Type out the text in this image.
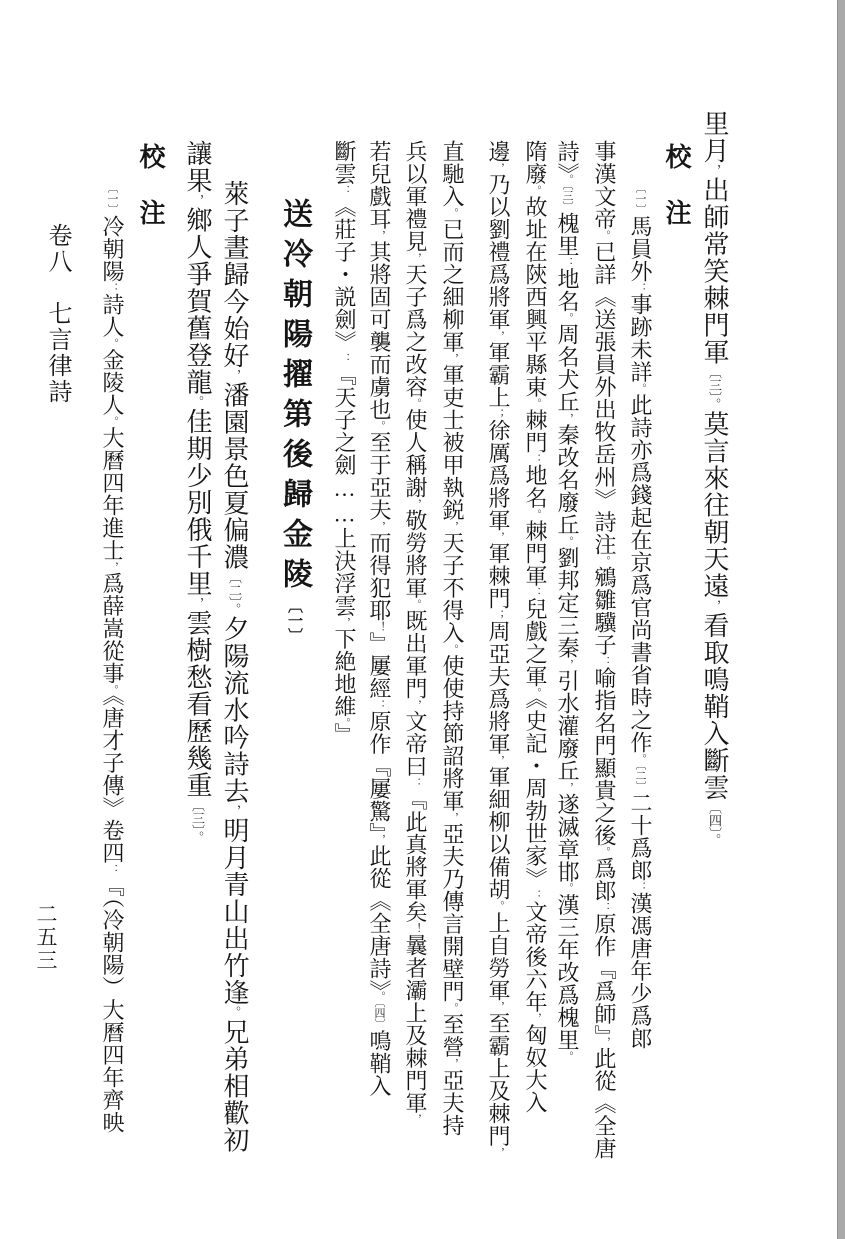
里月，出師常笑棘門軍〔三〕。莫言來往朝天遠，看取鳴鞘入斷雲〔四〕。
校　注
〔一〕馬員外：事跡未詳。此詩亦爲錢起在京爲官尚書省時之作。〔二〕二十爲郎：漢馮唐年少爲郎
事漢文帝。已詳《送張員外出牧岳州》詩注。鵷雛驥子：喻指名門顯貴之後。爲郎：原作『爲師』，此從《全唐
詩》。〔三〕槐里：地名。周名犬丘，秦改名廢丘。劉邦定三秦，引水灌廢丘，遂滅章邯。漢三年改爲槐里。
隋廢。故址在陝西興平縣東。棘門：地名。棘門軍：兒戲之軍。《史記・周勃世家》：文帝後六年，匈奴大入
邊，乃以劉禮爲將軍，軍霸上；徐厲爲將軍，軍棘門；周亞夫爲將軍，軍細柳以備胡。上自勞軍，至霸上及棘門，
直馳入。已而之細柳軍，軍吏士被甲執鋭，天子不得入。使使持節詔將軍，亞夫乃傳言開壁門。至營，亞夫持
兵以軍禮見，天子爲之改容。使人稱謝，敬勞將軍。既出軍門，文帝曰：『此真將軍矣！曩者灞上及棘門軍，
若兒戲耳，其將固可襲而虜也。至于亞夫，而得犯耶！』屢經：原作『屢驚』，此從《全唐詩》。〔四〕鳴鞘入
斷雲：《莊子・説劍》：『天子之劍……上決浮雲，下絶地維。』
送冷朝陽擢第後歸金陵〔一〕
萊子晝歸今始好，潘園景色夏偏濃〔二〕。夕陽流水吟詩去，明月青山出竹逢。兄弟相歡初
讓果，鄉人爭賀舊登龍。佳期少別俄千里，雲樹愁看歷幾重〔三〕。
校　注
〔一〕冷朝陽：詩人。金陵人。大曆四年進士，爲薛嵩從事。《唐才子傳》卷四：『（冷朝陽）大曆四年齊映
卷八　七言律詩
二五三
